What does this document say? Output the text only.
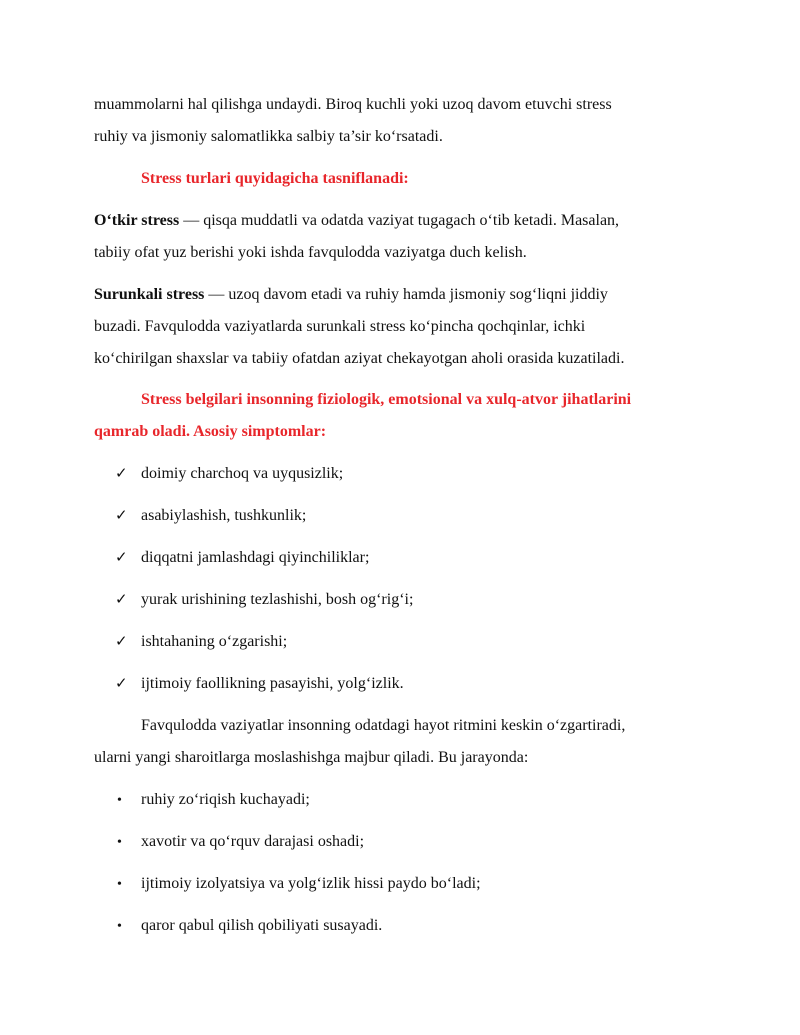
muammolarni hal qilishga undaydi. Biroq kuchli yoki uzoq davom etuvchi stress
ruhiy va jismoniy salomatlikka salbiy ta’sir ko‘rsatadi.
Stress turlari quyidagicha tasniflanadi:
O‘tkir stress — qisqa muddatli va odatda vaziyat tugagach o‘tib ketadi. Masalan,
tabiiy ofat yuz berishi yoki ishda favqulodda vaziyatga duch kelish.
Surunkali stress — uzoq davom etadi va ruhiy hamda jismoniy sog‘liqni jiddiy
buzadi. Favqulodda vaziyatlarda surunkali stress ko‘pincha qochqinlar, ichki
ko‘chirilgan shaxslar va tabiiy ofatdan aziyat chekayotgan aholi orasida kuzatiladi.
Stress belgilari insonning fiziologik, emotsional va xulq-atvor jihatlarini
qamrab oladi. Asosiy simptomlar:
✓ doimiy charchoq va uyqusizlik;
✓ asabiylashish, tushkunlik;
✓ diqqatni jamlashdagi qiyinchiliklar;
✓ yurak urishining tezlashishi, bosh og‘rig‘i;
✓ ishtahaning o‘zgarishi;
✓ ijtimoiy faollikning pasayishi, yolg‘izlik.
Favqulodda vaziyatlar insonning odatdagi hayot ritmini keskin o‘zgartiradi,
ularni yangi sharoitlarga moslashishga majbur qiladi. Bu jarayonda:
• ruhiy zo‘riqish kuchayadi;
• xavotir va qo‘rquv darajasi oshadi;
• ijtimoiy izolyatsiya va yolg‘izlik hissi paydo bo‘ladi;
• qaror qabul qilish qobiliyati susayadi.
